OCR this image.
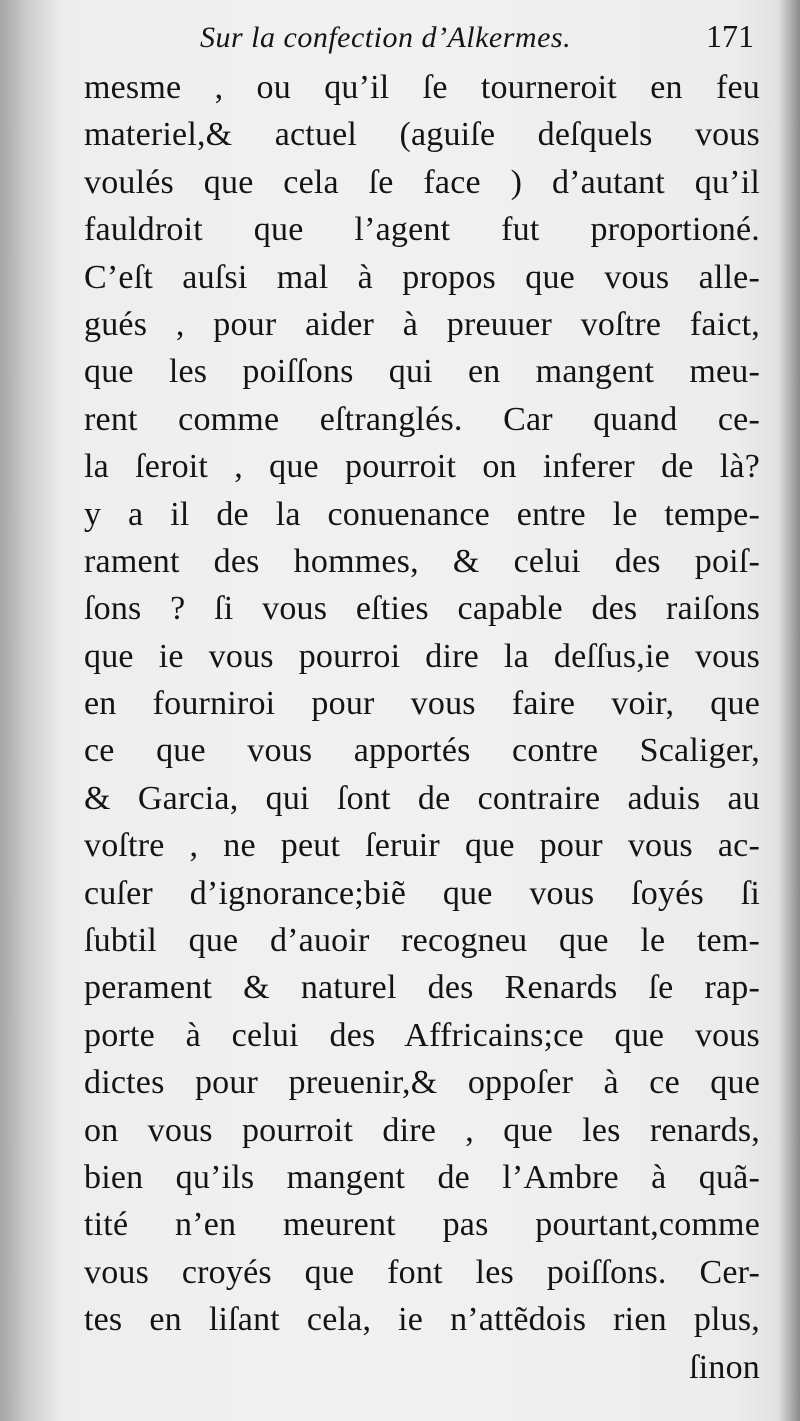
Sur la confection d’Alkermes.	171
mesme , ou qu’il ſe tourneroit en feu
materiel,& actuel (aguiſe deſquels vous
voulés que cela ſe face ) d’autant qu’il
fauldroit que l’agent fut proportioné.
C’eſt auſsi mal à propos que vous alle-
gués , pour aider à preuuer voſtre faict,
que les poiſſons qui en mangent meu-
rent comme eſtranglés. Car quand ce-
la ſeroit , que pourroit on inferer de là?
y a il de la conuenance entre le tempe-
rament des hommes, & celui des poiſ-
ſons ? ſi vous eſties capable des raiſons
que ie vous pourroi dire la deſſus,ie vous
en fourniroi pour vous faire voir, que
ce que vous apportés contre Scaliger,
& Garcia, qui ſont de contraire aduis au
voſtre , ne peut ſeruir que pour vous ac-
cuſer d’ignorance;biẽ que vous ſoyés ſi
ſubtil que d’auoir recogneu que le tem-
perament & naturel des Renards ſe rap-
porte à celui des Affricains;ce que vous
dictes pour preuenir,& oppoſer à ce que
on vous pourroit dire , que les renards,
bien qu’ils mangent de l’Ambre à quã-
tité n’en meurent pas pourtant,comme
vous croyés que font les poiſſons. Cer-
tes en liſant cela, ie n’attẽdois rien plus,
ſinon
